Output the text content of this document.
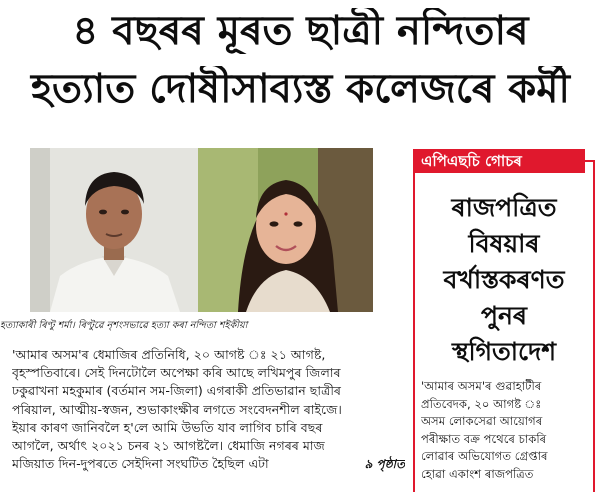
৪ বছৰৰ মূৰত ছাত্ৰী নন্দিতাৰ
হত্যাত দোষীসাব্যস্ত কলেজৰে কৰ্মী
হত্যাকাৰী ৰিণ্টু শৰ্মা। ৰিণ্টুৱে নৃশংসভাৱে হত্যা কৰা নন্দিতা শইকীয়া

'আমাৰ অসম'ৰ ধেমাজিৰ প্ৰতিনিধি, ২০ আগষ্ট ঃ ২১ আগষ্ট,

বৃহস্পতিবাৰে। সেই দিনটোলৈ অপেক্ষা কৰি আছে লখিমপুৰ জিলাৰ

ঢকুৱাখনা মহকুমাৰ (বৰ্তমান সম-জিলা) এগৰাকী প্ৰতিভাৱান ছাত্ৰীৰ

পৰিয়াল, আত্মীয়-স্বজন, শুভাকাংক্ষীৰ লগতে সংবেদনশীল ৰাইজে।

ইয়াৰ কাৰণ জানিবলৈ হ'লে আমি উভতি যাব লাগিব চাৰি বছৰ

আগলৈ, অৰ্থাৎ ২০২১ চনৰ ২১ আগষ্টলৈ। ধেমাজি নগৰৰ মাজ

মজিয়াত দিন-দুপৰতে সেইদিনা সংঘটিত হৈছিল এটা	৯ পৃষ্ঠাত

এপিএছচি গোচৰ
ৰাজপত্ৰিত
বিষয়াৰ
বৰ্খাস্তকৰণত
পুনৰ
স্থগিতাদেশ

'আমাৰ অসম'ৰ গুৱাহাটীৰ

প্ৰতিবেদক, ২০ আগষ্ট ঃ

অসম লোকসেৱা আয়োগৰ

পৰীক্ষাত বক্ৰ পথেৰে চাকৰি

লোৱাৰ অভিযোগত গ্ৰেপ্তাৰ

হোৱা একাংশ ৰাজপত্ৰিত
